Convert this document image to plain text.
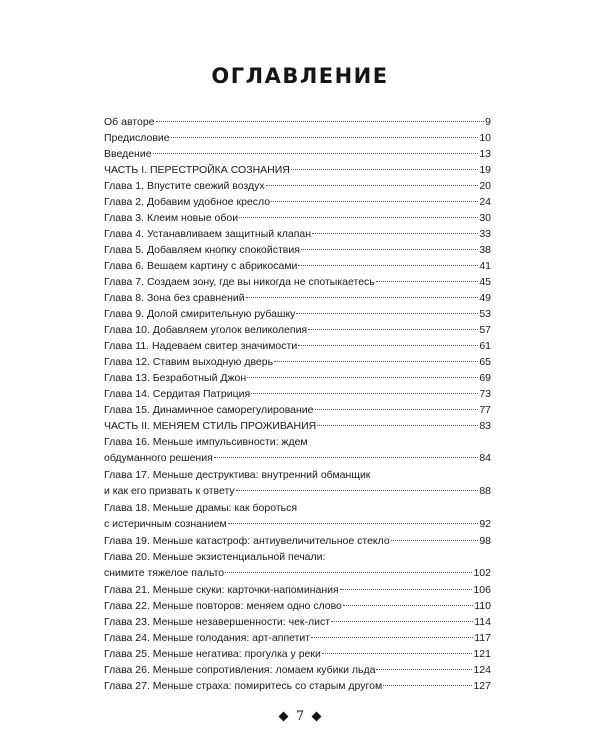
ОГЛАВЛЕНИЕ
Об авторе	9
Предисловие	10
Введение	13
ЧАСТЬ I. ПЕРЕСТРОЙКА СОЗНАНИЯ	19
Глава 1. Впустите свежий воздух	20
Глава 2. Добавим удобное кресло	24
Глава 3. Клеим новые обои	30
Глава 4. Устанавливаем защитный клапан	33
Глава 5. Добавляем кнопку спокойствия	38
Глава 6. Вешаем картину с абрикосами	41
Глава 7. Создаем зону, где вы никогда не спотыкаетесь	45
Глава 8. Зона без сравнений	49
Глава 9. Долой смирительную рубашку	53
Глава 10. Добавляем уголок великолепия	57
Глава 11. Надеваем свитер значимости	61
Глава 12. Ставим выходную дверь	65
Глава 13. Безработный Джон	69
Глава 14. Сердитая Патриция	73
Глава 15. Динамичное саморегулирование	77
ЧАСТЬ II. МЕНЯЕМ СТИЛЬ ПРОЖИВАНИЯ	83
Глава 16. Меньше импульсивности: ждем
обдуманного решения	84
Глава 17. Меньше деструктива: внутренний обманщик
и как его призвать к ответу	88
Глава 18. Меньше драмы: как бороться
с истеричным сознанием	92
Глава 19. Меньше катастроф: антиувеличительное стекло	98
Глава 20. Меньше экзистенциальной печали:
снимите тяжелое пальто	102
Глава 21. Меньше скуки: карточки-напоминания	106
Глава 22. Меньше повторов: меняем одно слово	110
Глава 23. Меньше незавершенности: чек-лист	114
Глава 24. Меньше голодания: арт-аппетит	117
Глава 25. Меньше негатива: прогулка у реки	121
Глава 26. Меньше сопротивления: ломаем кубики льда	124
Глава 27. Меньше страха: помиритесь со старым другом	127
7
